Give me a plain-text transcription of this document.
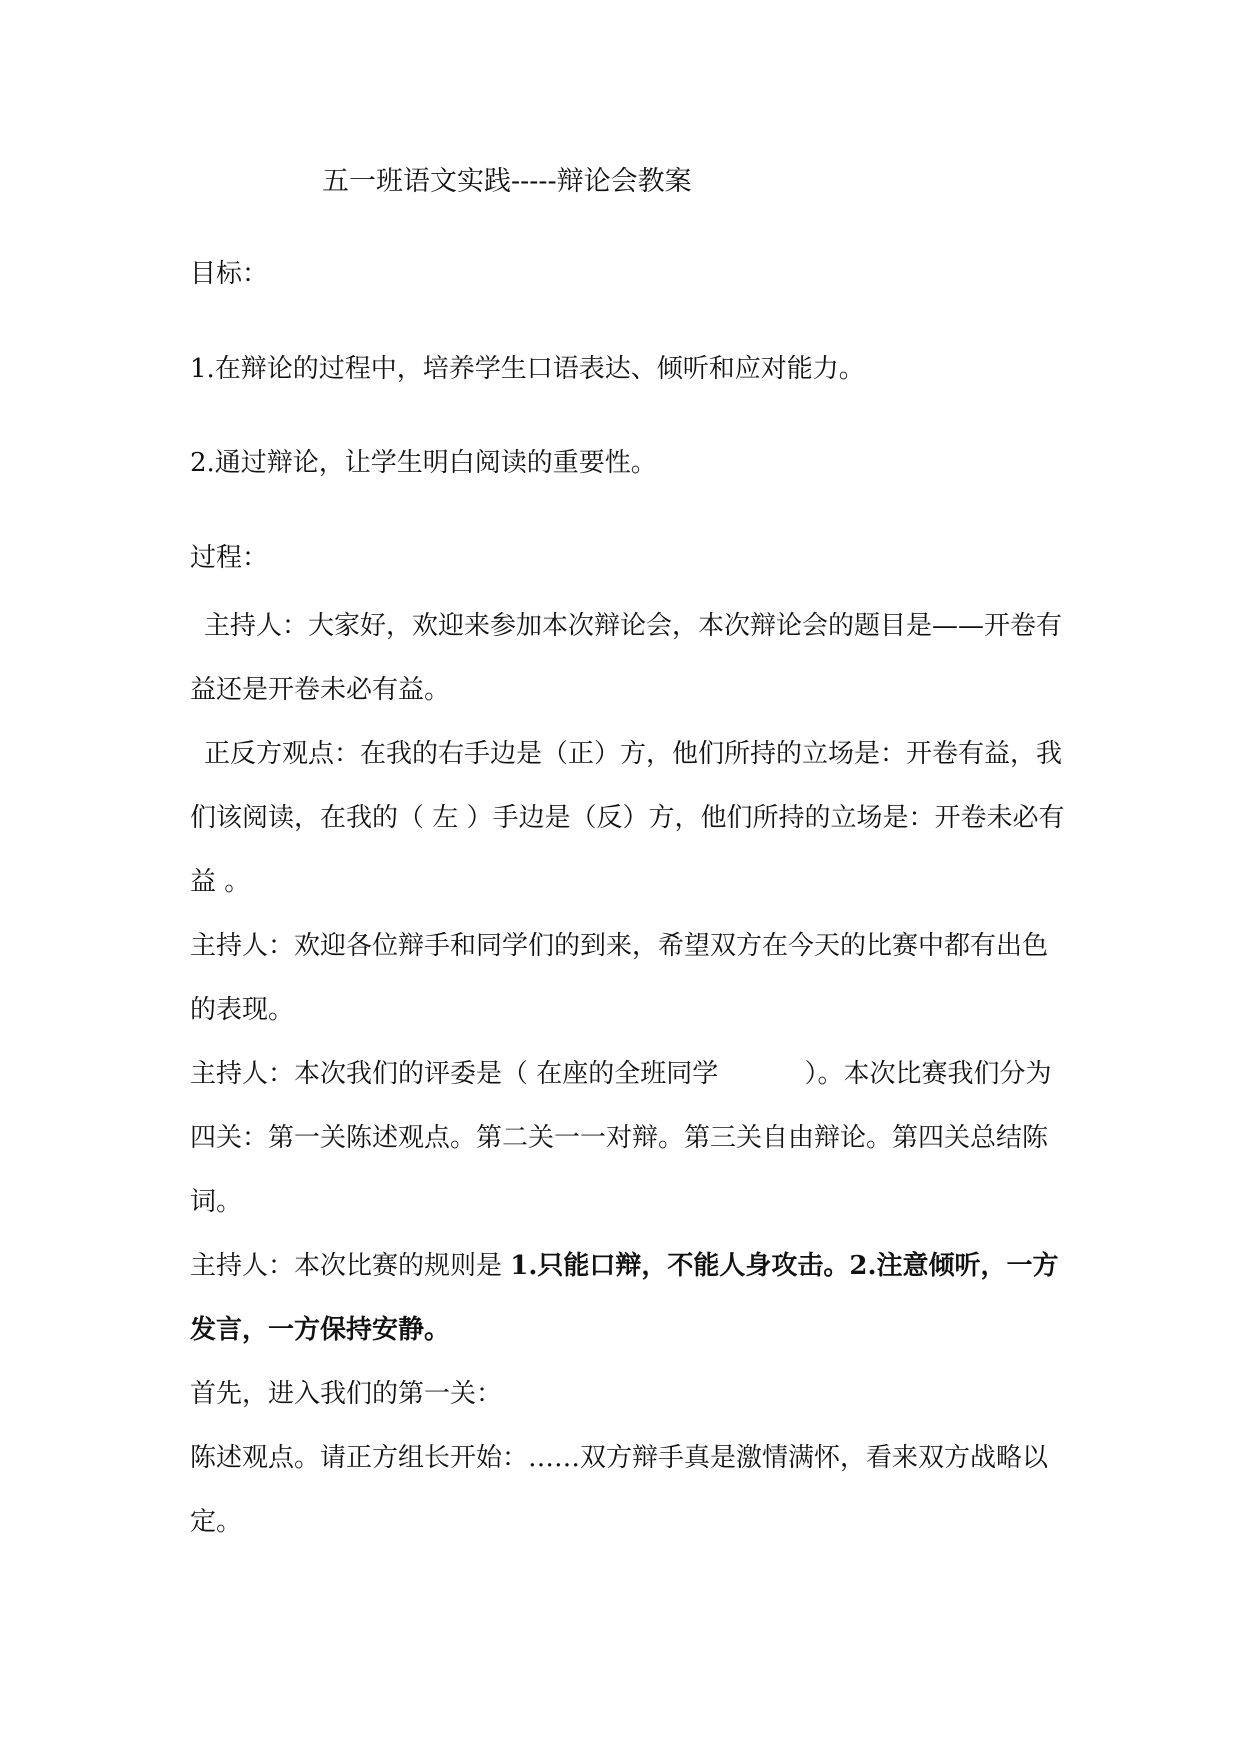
五一班语文实践-----辩论会教案
目标：
1.在辩论的过程中，培养学生口语表达、倾听和应对能力。
2.通过辩论，让学生明白阅读的重要性。
过程：
主持人：大家好，欢迎来参加本次辩论会，本次辩论会的题目是——开卷有益还是开卷未必有益。
正反方观点：在我的右手边是（正）方，他们所持的立场是：开卷有益，我们该阅读，在我的（ 左 ）手边是（反）方，他们所持的立场是：开卷未必有益 。
主持人：欢迎各位辩手和同学们的到来，希望双方在今天的比赛中都有出色的表现。
主持人：本次我们的评委是（ 在座的全班同学　　　 ）。本次比赛我们分为四关：第一关陈述观点。第二关一一对辩。第三关自由辩论。第四关总结陈词。
主持人：本次比赛的规则是 1.只能口辩，不能人身攻击。2.注意倾听，一方发言，一方保持安静。
首先，进入我们的第一关：
陈述观点。请正方组长开始：……双方辩手真是激情满怀，看来双方战略以定。
